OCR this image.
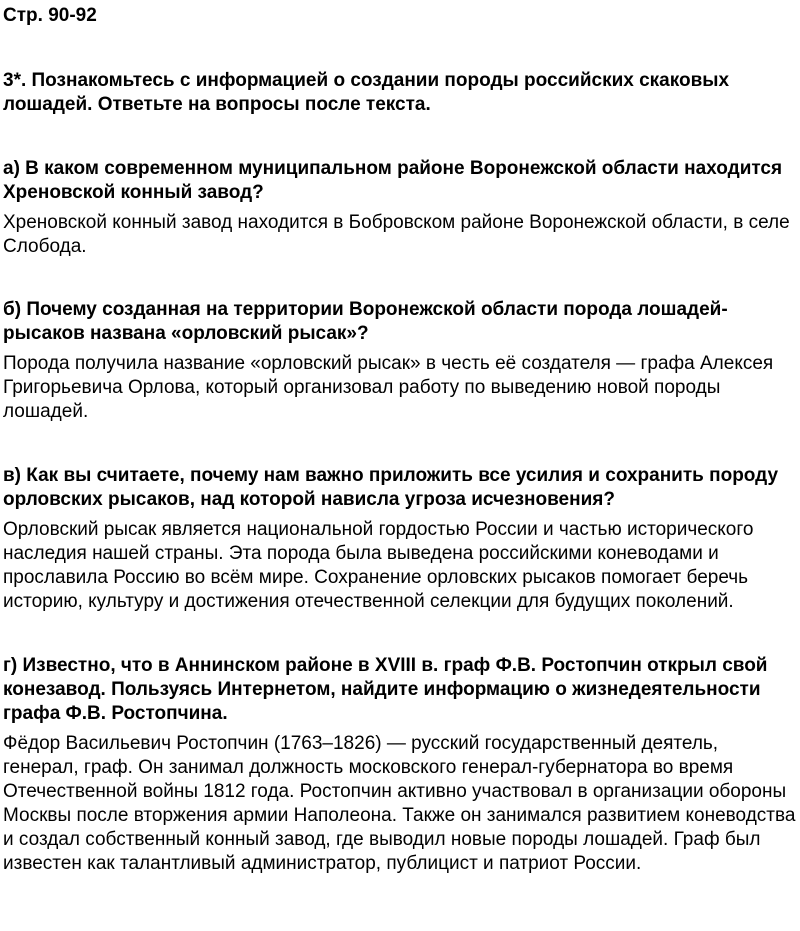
Стр. 90-92
3*. Познакомьтесь с информацией о создании породы российских скаковых лошадей. Ответьте на вопросы после текста.

а) В каком современном муниципальном районе Воронежской области находится Хреновской конный завод?

Хреновской конный завод находится в Бобровском районе Воронежской области, в селе Слобода.

б) Почему созданная на территории Воронежской области порода лошадей-рысаков названа «орловский рысак»?

Порода получила название «орловский рысак» в честь её создателя — графа Алексея Григорьевича Орлова, который организовал работу по выведению новой породы лошадей.

в) Как вы считаете, почему нам важно приложить все усилия и сохранить породу орловских рысаков, над которой нависла угроза исчезновения?

Орловский рысак является национальной гордостью России и частью исторического наследия нашей страны. Эта порода была выведена российскими коневодами и прославила Россию во всём мире. Сохранение орловских рысаков помогает беречь историю, культуру и достижения отечественной селекции для будущих поколений.

г) Известно, что в Аннинском районе в XVIII в. граф Ф.В. Ростопчин открыл свой конезавод. Пользуясь Интернетом, найдите информацию о жизнедеятельности графа Ф.В. Ростопчина.

Фёдор Васильевич Ростопчин (1763–1826) — русский государственный деятель, генерал, граф. Он занимал должность московского генерал-губернатора во время Отечественной войны 1812 года. Ростопчин активно участвовал в организации обороны Москвы после вторжения армии Наполеона. Также он занимался развитием коневодства и создал собственный конный завод, где выводил новые породы лошадей. Граф был известен как талантливый администратор, публицист и патриот России.
